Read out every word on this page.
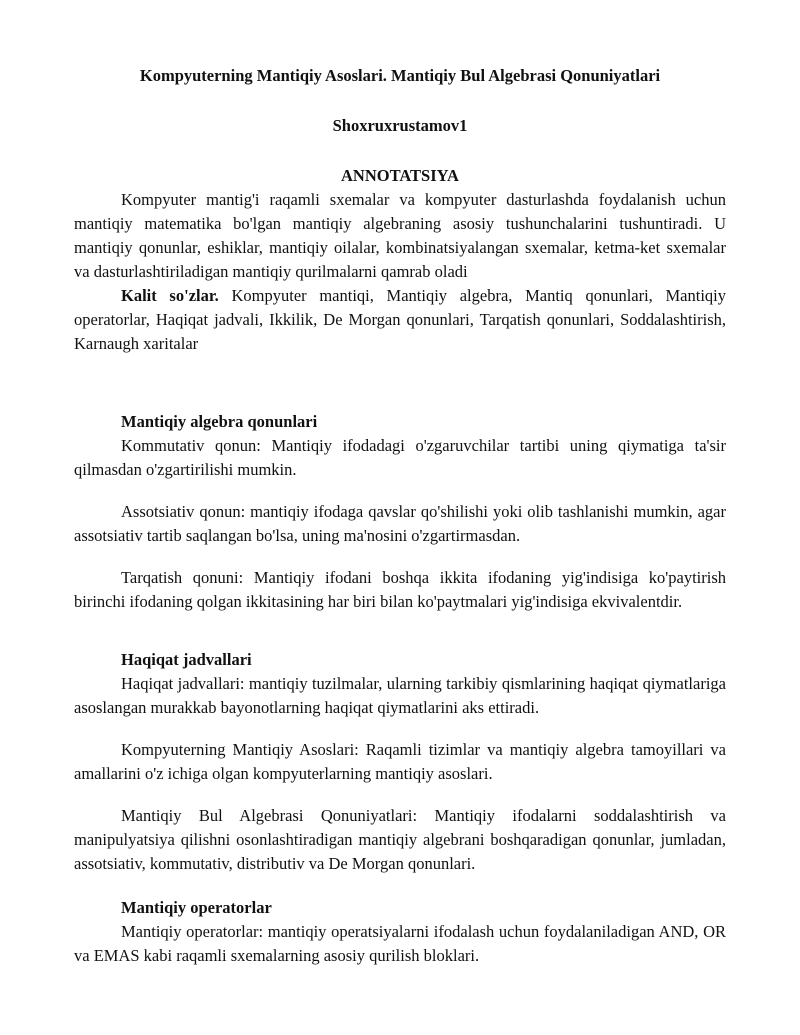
Kompyuterning Mantiqiy Asoslari. Mantiqiy Bul Algebrasi Qonuniyatlari

Shoxruxrustamov1

ANNOTATSIYA

Kompyuter mantig'i raqamli sxemalar va kompyuter dasturlashda foydalanish uchun mantiqiy matematika bo'lgan mantiqiy algebraning asosiy tushunchalarini tushuntiradi. U mantiqiy qonunlar, eshiklar, mantiqiy oilalar, kombinatsiyalangan sxemalar, ketma-ket sxemalar va dasturlashtiriladigan mantiqiy qurilmalarni qamrab oladi

Kalit so'zlar. Kompyuter mantiqi, Mantiqiy algebra, Mantiq qonunlari, Mantiqiy operatorlar, Haqiqat jadvali, Ikkilik, De Morgan qonunlari, Tarqatish qonunlari, Soddalashtirish, Karnaugh xaritalar

Mantiqiy algebra qonunlari

Kommutativ qonun: Mantiqiy ifodadagi o'zgaruvchilar tartibi uning qiymatiga ta'sir qilmasdan o'zgartirilishi mumkin.

Assotsiativ qonun: mantiqiy ifodaga qavslar qo'shilishi yoki olib tashlanishi mumkin, agar assotsiativ tartib saqlangan bo'lsa, uning ma'nosini o'zgartirmasdan.

Tarqatish qonuni: Mantiqiy ifodani boshqa ikkita ifodaning yig'indisiga ko'paytirish birinchi ifodaning qolgan ikkitasining har biri bilan ko'paytmalari yig'indisiga ekvivalentdir.

Haqiqat jadvallari

Haqiqat jadvallari: mantiqiy tuzilmalar, ularning tarkibiy qismlarining haqiqat qiymatlariga asoslangan murakkab bayonotlarning haqiqat qiymatlarini aks ettiradi.

Kompyuterning Mantiqiy Asoslari: Raqamli tizimlar va mantiqiy algebra tamoyillari va amallarini o'z ichiga olgan kompyuterlarning mantiqiy asoslari.

Mantiqiy Bul Algebrasi Qonuniyatlari: Mantiqiy ifodalarni soddalashtirish va manipulyatsiya qilishni osonlashtiradigan mantiqiy algebrani boshqaradigan qonunlar, jumladan, assotsiativ, kommutativ, distributiv va De Morgan qonunlari.

Mantiqiy operatorlar

Mantiqiy operatorlar: mantiqiy operatsiyalarni ifodalash uchun foydalaniladigan AND, OR va EMAS kabi raqamli sxemalarning asosiy qurilish bloklari.
